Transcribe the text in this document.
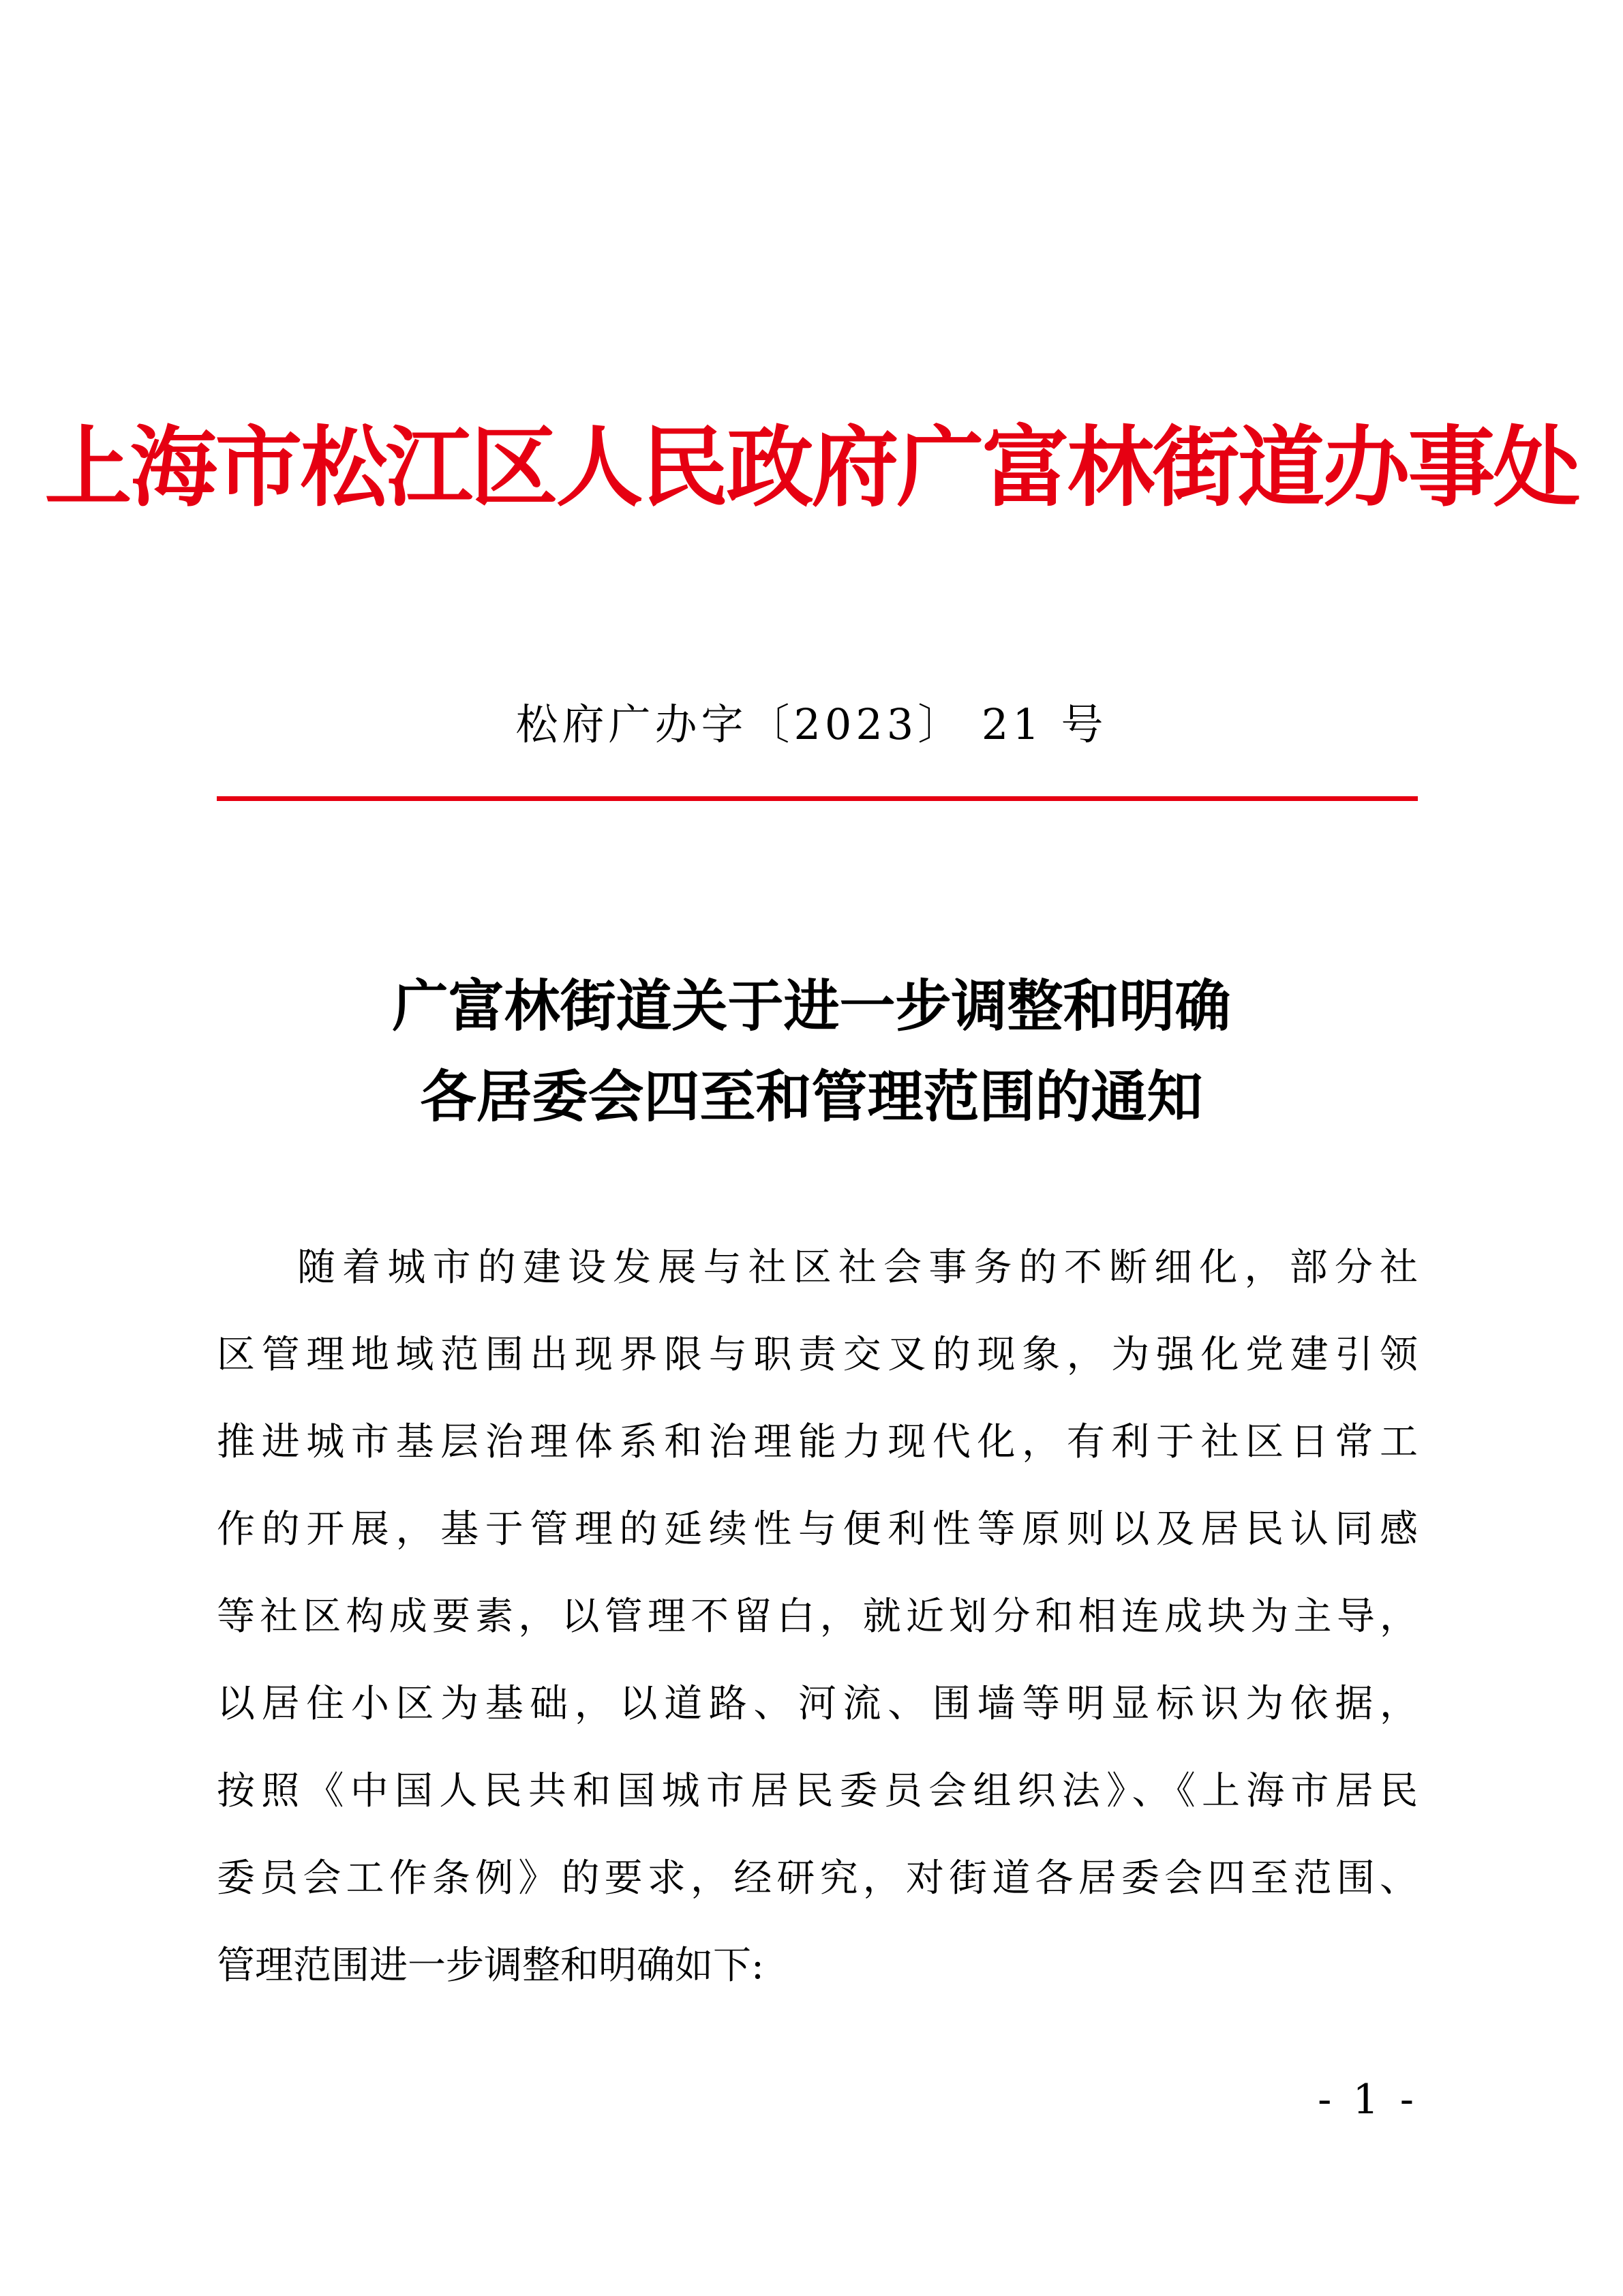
上海市松江区人民政府广富林街道办事处
松府广办字〔2023〕 21 号
广富林街道关于进一步调整和明确
各居委会四至和管理范围的通知
随着城市的建设发展与社区社会事务的不断细化，部分社
区管理地域范围出现界限与职责交叉的现象，为强化党建引领
推进城市基层治理体系和治理能力现代化，有利于社区日常工
作的开展，基于管理的延续性与便利性等原则以及居民认同感
等社区构成要素，以管理不留白，就近划分和相连成块为主导，
以居住小区为基础，以道路、河流、围墙等明显标识为依据，
按照《中国人民共和国城市居民委员会组织法》、《上海市居民
委员会工作条例》的要求，经研究，对街道各居委会四至范围、
管理范围进一步调整和明确如下:
- 1 -
